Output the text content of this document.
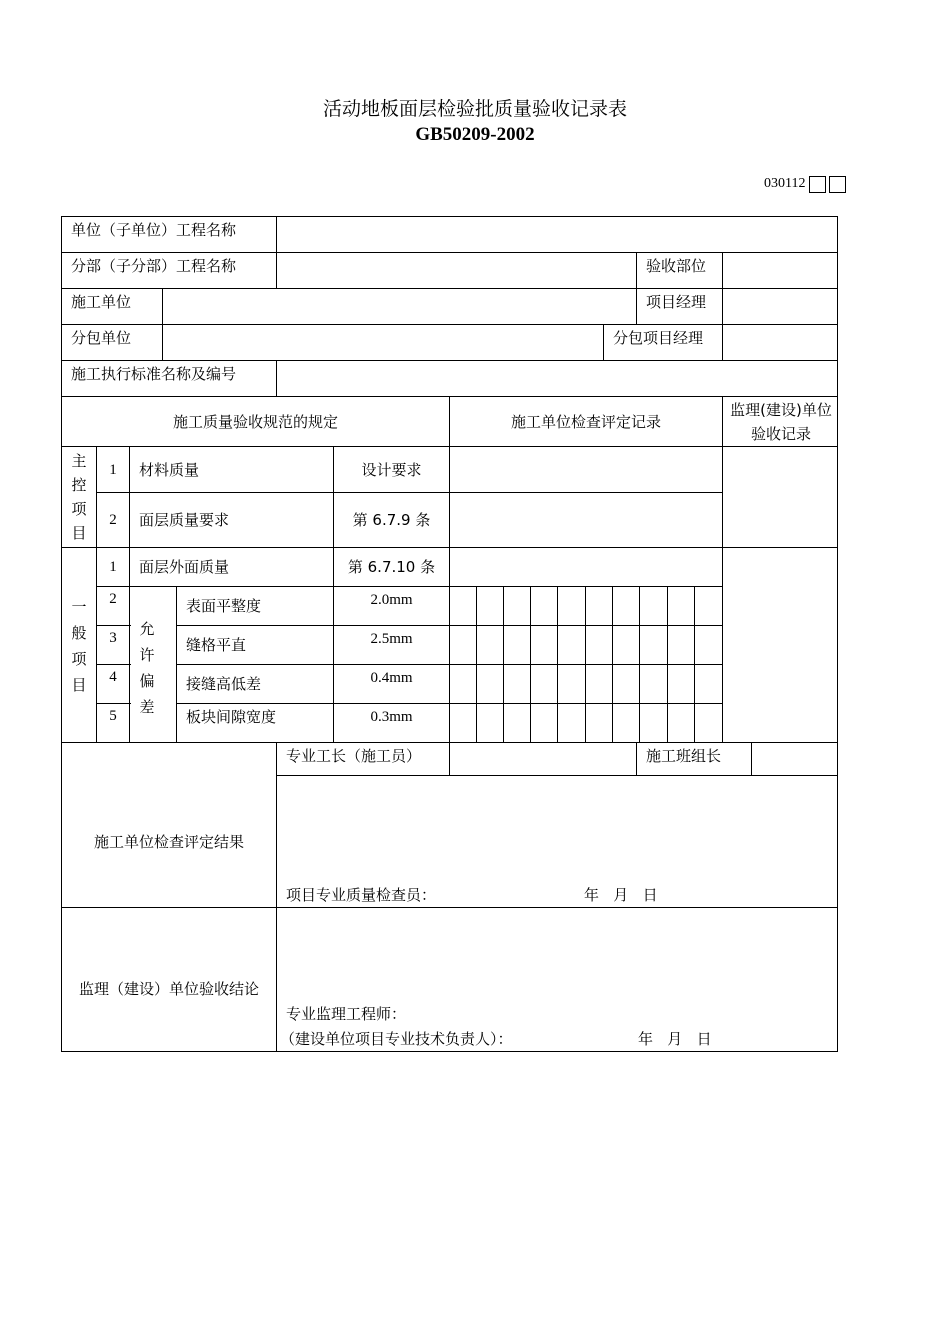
活动地板面层检验批质量验收记录表
GB50209-2002
030112
单位（子单位）工程名称
分部（子分部）工程名称	验收部位
施工单位	项目经理
分包单位	分包项目经理
施工执行标准名称及编号
施工质量验收规范的规定	施工单位检查评定记录
监理(建设)单位验收记录
主控项目
1	材料质量	设计要求
2	面层质量要求	第 6.7.9 条
一般项目
1	面层外面质量	第 6.7.10 条
允许偏差
2	表面平整度	2.0mm
3	缝格平直	2.5mm
4	接缝高低差	0.4mm
5	板块间隙宽度	0.3mm
专业工长（施工员）	施工班组长
施工单位检查评定结果
项目专业质量检查员：	年   月   日
监理（建设）单位验收结论
专业监理工程师：
（建设单位项目专业技术负责人）：	年   月   日
